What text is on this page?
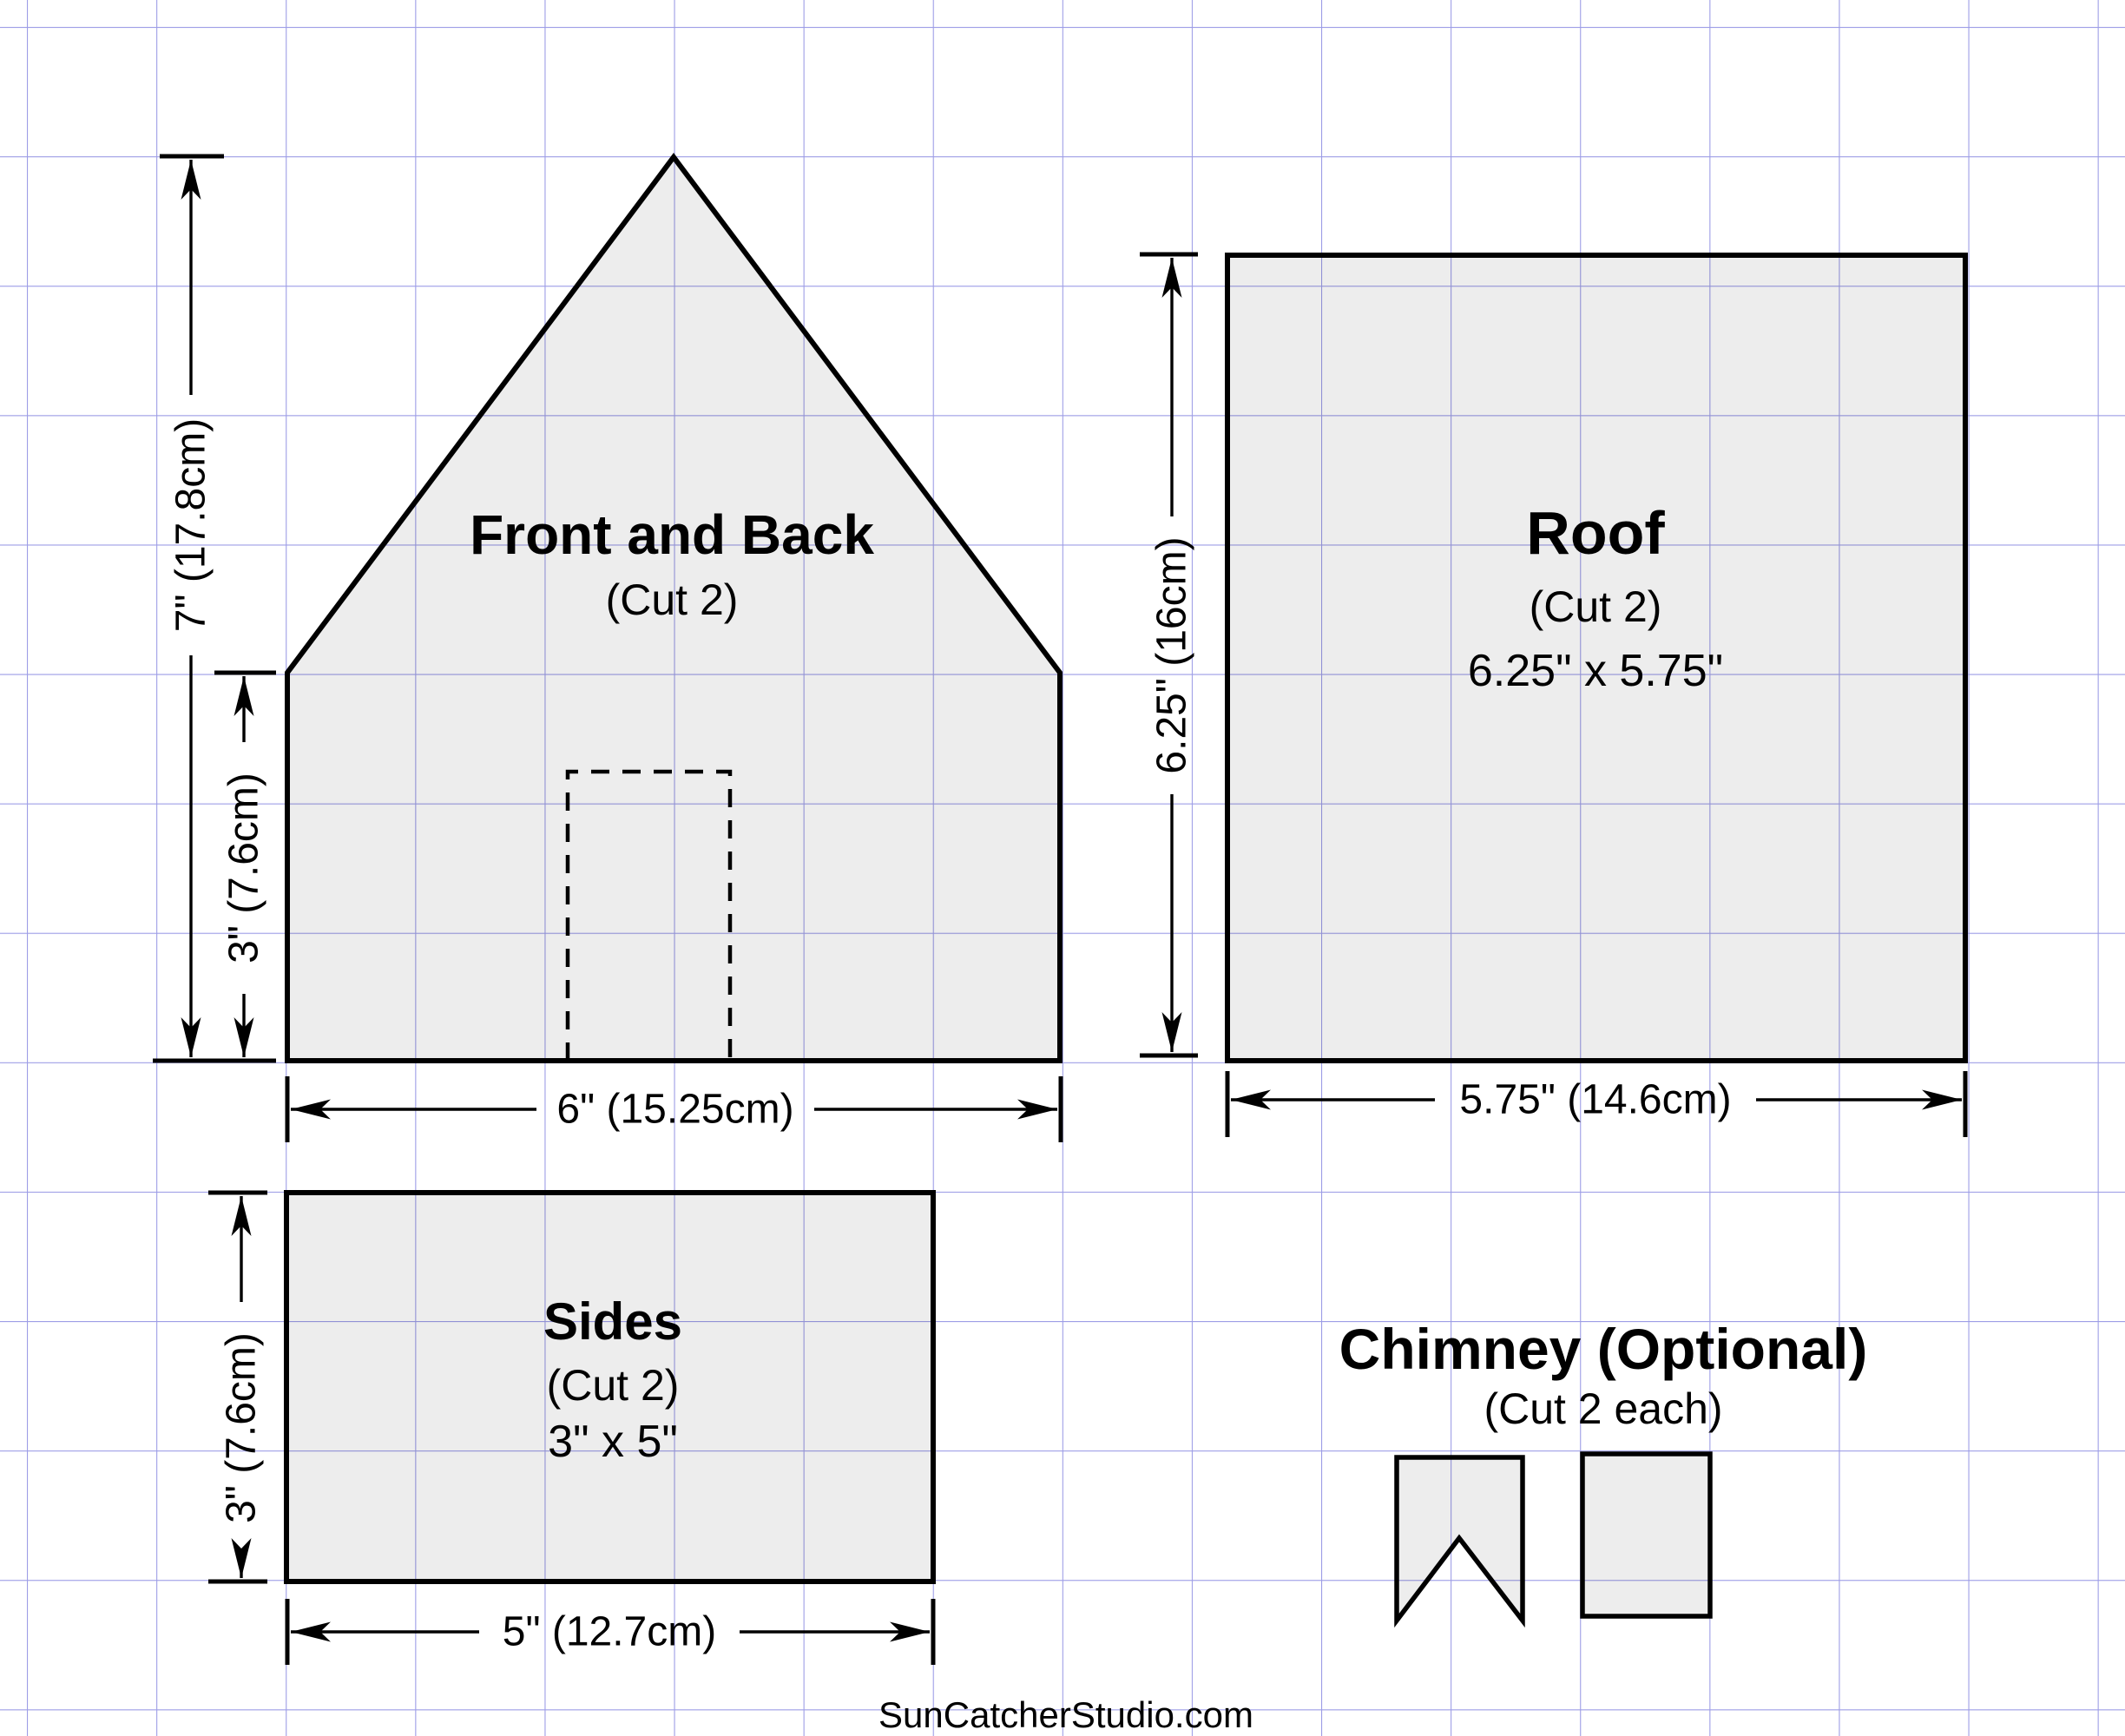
Front and Back
(Cut 2)
Roof
(Cut 2)
6.25" x 5.75"
Sides
(Cut 2)
3" x 5"
Chimney (Optional)
(Cut 2 each)
7" (17.8cm)
3" (7.6cm)
6" (15.25cm)
6.25" (16cm)
5.75" (14.6cm)
3" (7.6cm)
5" (12.7cm)
SunCatcherStudio.com
